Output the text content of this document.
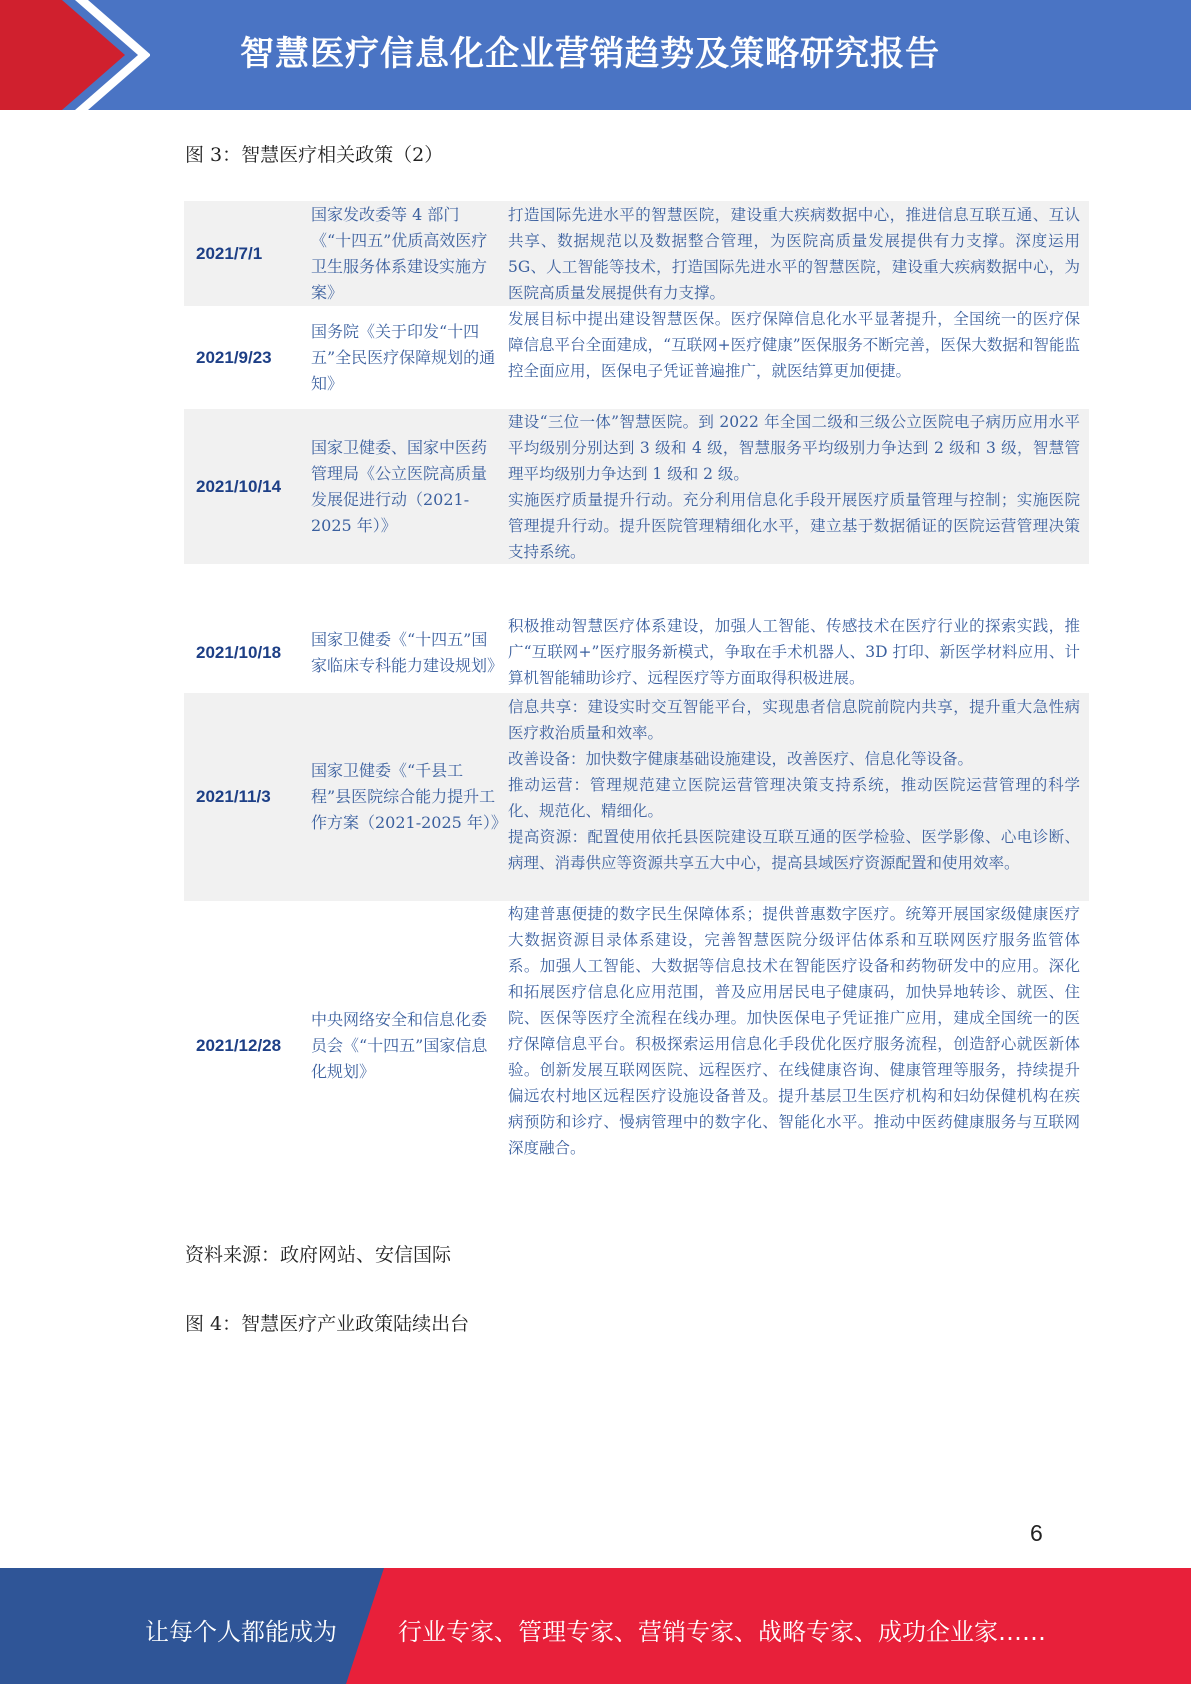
智慧医疗信息化企业营销趋势及策略研究报告
图 3：智慧医疗相关政策（2）
2021/7/1
国家发改委等 4 部门《“十四五”优质高效医疗卫生服务体系建设实施方案》

打造国际先进水平的智慧医院，建设重大疾病数据中心，推进信息互联互通、互认共享、数据规范以及数据整合管理，为医院高质量发展提供有力支撑。深度运用 5G、人工智能等技术，打造国际先进水平的智慧医院，建设重大疾病数据中心，为医院高质量发展提供有力支撑。

2021/9/23
国务院《关于印发“十四五”全民医疗保障规划的通知》

发展目标中提出建设智慧医保。医疗保障信息化水平显著提升，全国统一的医疗保障信息平台全面建成，“互联网+医疗健康”医保服务不断完善，医保大数据和智能监控全面应用，医保电子凭证普遍推广，就医结算更加便捷。

2021/10/14
国家卫健委、国家中医药管理局《公立医院高质量发展促进行动（2021-2025 年）》

建设“三位一体”智慧医院。到 2022 年全国二级和三级公立医院电子病历应用水平平均级别分别达到 3 级和 4 级，智慧服务平均级别力争达到 2 级和 3 级，智慧管理平均级别力争达到 1 级和 2 级。

实施医疗质量提升行动。充分利用信息化手段开展医疗质量管理与控制；实施医院管理提升行动。提升医院管理精细化水平，建立基于数据循证的医院运营管理决策支持系统。

2021/10/18
国家卫健委《“十四五”国家临床专科能力建设规划》

积极推动智慧医疗体系建设，加强人工智能、传感技术在医疗行业的探索实践，推广“互联网+”医疗服务新模式，争取在手术机器人、3D 打印、新医学材料应用、计算机智能辅助诊疗、远程医疗等方面取得积极进展。

2021/11/3
国家卫健委《“千县工程”县医院综合能力提升工作方案（2021-2025 年）》

信息共享：建设实时交互智能平台，实现患者信息院前院内共享，提升重大急性病医疗救治质量和效率。

改善设备：加快数字健康基础设施建设，改善医疗、信息化等设备。

推动运营：管理规范建立医院运营管理决策支持系统，推动医院运营管理的科学化、规范化、精细化。

提高资源：配置使用依托县医院建设互联互通的医学检验、医学影像、心电诊断、病理、消毒供应等资源共享五大中心，提高县域医疗资源配置和使用效率。

2021/12/28
中央网络安全和信息化委员会《“十四五”国家信息化规划》

构建普惠便捷的数字民生保障体系；提供普惠数字医疗。统筹开展国家级健康医疗大数据资源目录体系建设，完善智慧医院分级评估体系和互联网医疗服务监管体系。加强人工智能、大数据等信息技术在智能医疗设备和药物研发中的应用。深化和拓展医疗信息化应用范围，普及应用居民电子健康码，加快异地转诊、就医、住院、医保等医疗全流程在线办理。加快医保电子凭证推广应用，建成全国统一的医疗保障信息平台。积极探索运用信息化手段优化医疗服务流程，创造舒心就医新体验。创新发展互联网医院、远程医疗、在线健康咨询、健康管理等服务，持续提升偏远农村地区远程医疗设施设备普及。提升基层卫生医疗机构和妇幼保健机构在疾病预防和诊疗、慢病管理中的数字化、智能化水平。推动中医药健康服务与互联网深度融合。

资料来源：政府网站、安信国际
图 4：智慧医疗产业政策陆续出台
6
让每个人都能成为	行业专家、管理专家、营销专家、战略专家、成功企业家……
